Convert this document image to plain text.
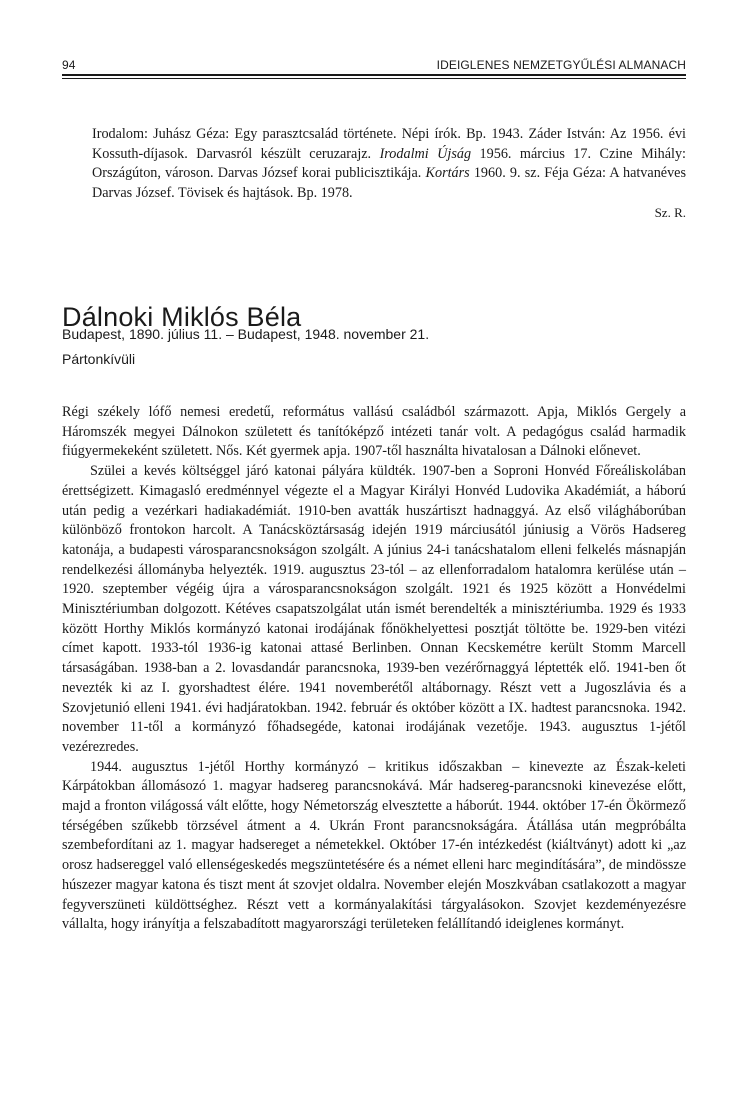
94	IDEIGLENES NEMZETGYŰLÉSI ALMANACH

Irodalom: Juhász Géza: Egy parasztcsalád története. Népi írók. Bp. 1943. Záder István: Az 1956. évi Kossuth-díjasok. Darvasról készült ceruzarajz. Irodalmi Újság 1956. március 17. Czine Mihály: Országúton, városon. Darvas József korai publicisztikája. Kortárs 1960. 9. sz. Féja Géza: A hatvanéves Darvas József. Tövisek és hajtások. Bp. 1978.

Sz. R.
Dálnoki Miklós Béla
Budapest, 1890. július 11. – Budapest, 1948. november 21.
Pártonkívüli

Régi székely lófő nemesi eredetű, református vallású családból származott. Apja, Miklós Gergely a Háromszék megyei Dálnokon született és tanítóképző intézeti tanár volt. A pedagógus család harmadik fiúgyermekeként született. Nős. Két gyermek apja. 1907-től használta hivatalosan a Dálnoki előnevet.

Szülei a kevés költséggel járó katonai pályára küldték. 1907-ben a Soproni Honvéd Főreáliskolában érettségizett. Kimagasló eredménnyel végezte el a Magyar Királyi Honvéd Ludovika Akadémiát, a háború után pedig a vezérkari hadiakadémiát. 1910-ben avatták huszártiszt hadnaggyá. Az első világháborúban különböző frontokon harcolt. A Tanácsköztársaság idején 1919 márciusától júniusig a Vörös Hadsereg katonája, a budapesti városparancsnokságon szolgált. A június 24-i tanácshatalom elleni felkelés másnapján rendelkezési állományba helyezték. 1919. augusztus 23-tól – az ellenforradalom hatalomra kerülése után – 1920. szeptember végéig újra a városparancsnokságon szolgált. 1921 és 1925 között a Honvédelmi Minisztériumban dolgozott. Kétéves csapatszolgálat után ismét berendelték a minisztériumba. 1929 és 1933 között Horthy Miklós kormányzó katonai irodájának főnökhelyettesi posztját töltötte be. 1929-ben vitézi címet kapott. 1933-tól 1936-ig katonai attasé Berlinben. Onnan Kecskemétre került Stomm Marcell társaságában. 1938-ban a 2. lovasdandár parancsnoka, 1939-ben vezérőrnaggyá léptették elő. 1941-ben őt nevezték ki az I. gyorshadtest élére. 1941 novemberétől altábornagy. Részt vett a Jugoszlávia és a Szovjetunió elleni 1941. évi hadjáratokban. 1942. február és október között a IX. hadtest parancsnoka. 1942. november 11-től a kormányzó főhadsegéde, katonai irodájának vezetője. 1943. augusztus 1-jétől vezérezredes.

1944. augusztus 1-jétől Horthy kormányzó – kritikus időszakban – kinevezte az Észak-keleti Kárpátokban állomásozó 1. magyar hadsereg parancsnokává. Már hadsereg-parancsnoki kinevezése előtt, majd a fronton világossá vált előtte, hogy Németország elvesztette a háborút. 1944. október 17-én Ökörmező térségében szűkebb törzsével átment a 4. Ukrán Front parancsnokságára. Átállása után megpróbálta szembefordítani az 1. magyar hadsereget a németekkel. Október 17-én intézkedést (kiáltványt) adott ki „az orosz hadsereggel való ellenségeskedés megszüntetésére és a német elleni harc megindítására”, de mindössze húszezer magyar katona és tiszt ment át szovjet oldalra. November elején Moszkvában csatlakozott a magyar fegyverszüneti küldöttséghez. Részt vett a kormányalakítási tárgyalásokon. Szovjet kezdeményezésre vállalta, hogy irányítja a felszabadított magyarországi területeken felállítandó ideiglenes kormányt.
